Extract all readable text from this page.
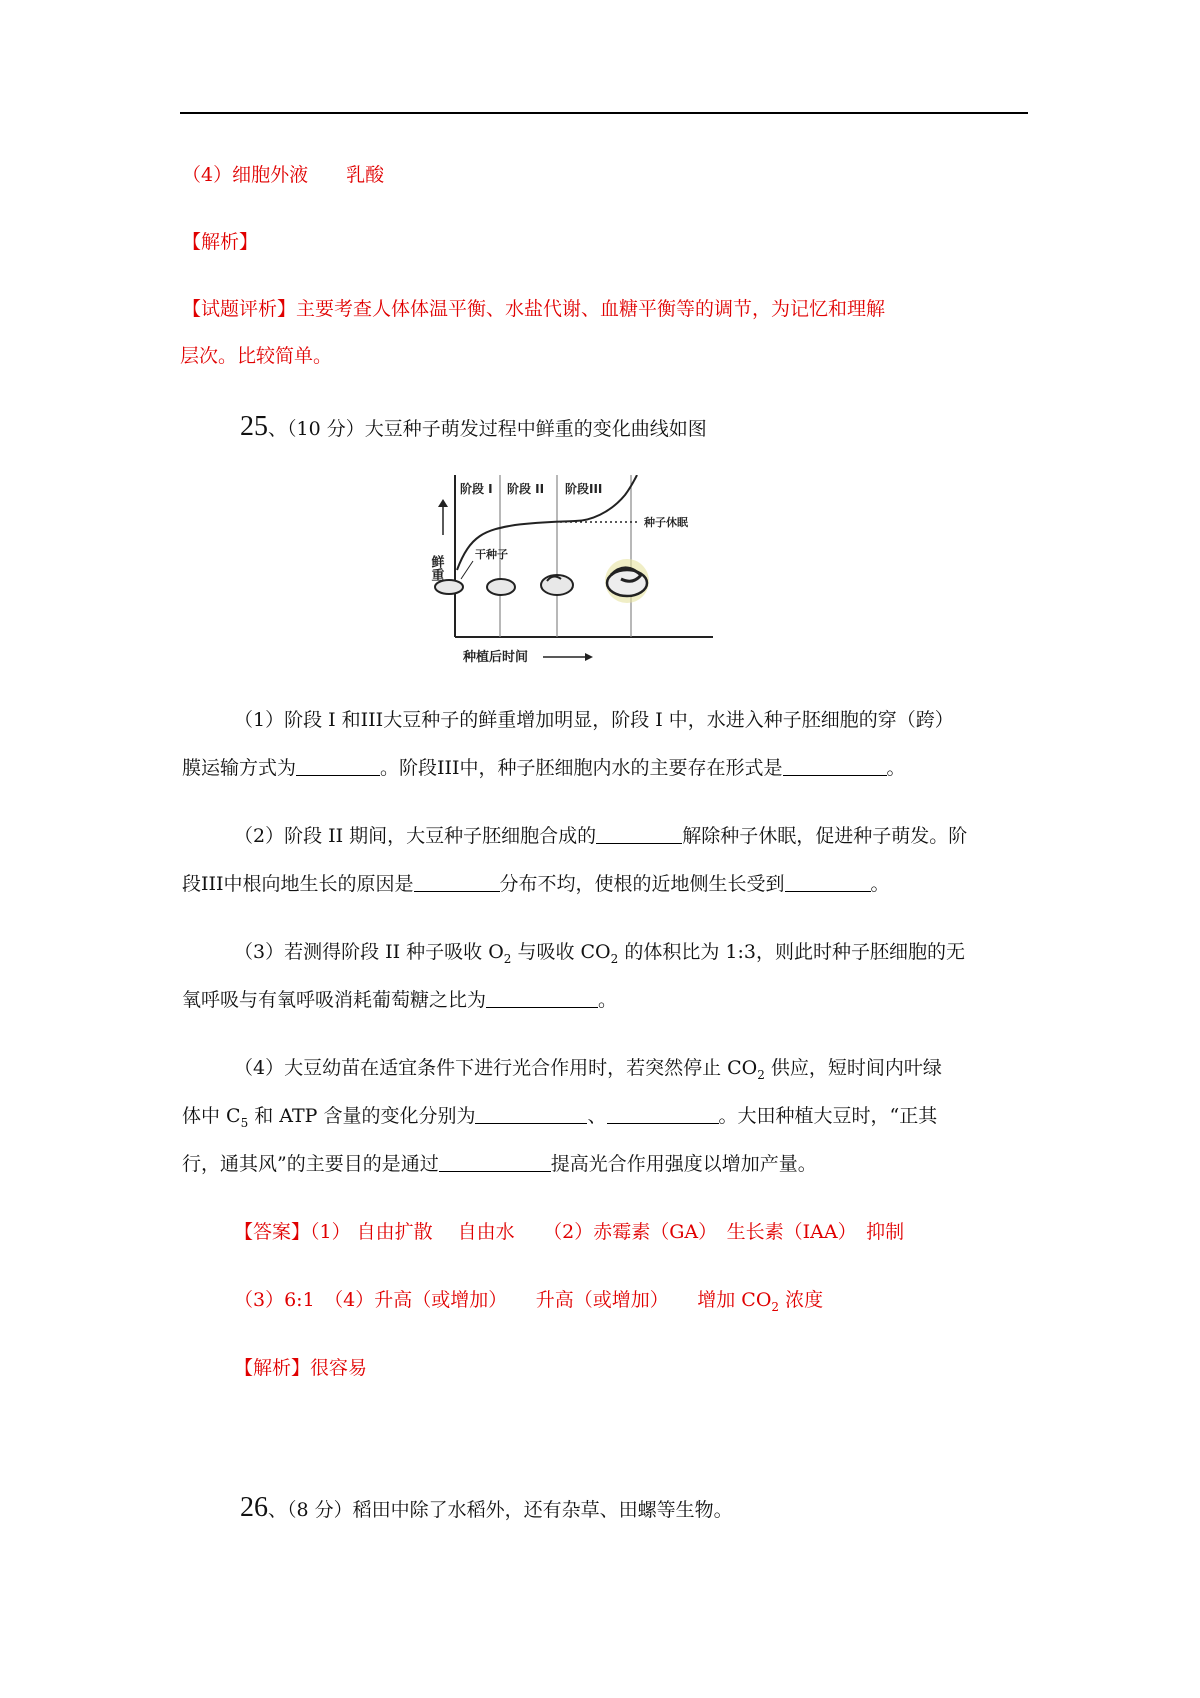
（4）细胞外液 乳酸
【解析】
【试题评析】主要考查人体体温平衡、水盐代谢、血糖平衡等的调节，为记忆和理解
层次。比较简单。
25、（10 分）大豆种子萌发过程中鲜重的变化曲线如图
阶段 I 阶段 II 阶段III
鲜重
种子休眠
干种子
种植后时间
（1）阶段 I 和III大豆种子的鲜重增加明显，阶段 I 中，水进入种子胚细胞的穿（跨）
膜运输方式为	。阶段III中，种子胚细胞内水的主要存在形式是	。
（2）阶段 II 期间，大豆种子胚细胞合成的	解除种子休眠，促进种子萌发。阶
段III中根向地生长的原因是	分布不均，使根的近地侧生长受到	。
（3）若测得阶段 II 种子吸收 $O_2$ 与吸收 $CO_2$ 的体积比为 1:3，则此时种子胚细胞的无
氧呼吸与有氧呼吸消耗葡萄糖之比为	。
（4）大豆幼苗在适宜条件下进行光合作用时，若突然停止 $CO_2$ 供应，短时间内叶绿
体中 $C_5$ 和 ATP 含量的变化分别为	、	。大田种植大豆时，“正其
行，通其风”的主要目的是通过	提高光合作用强度以增加产量。
【答案】（1） 自由扩散　 自由水　　（2）赤霉素（GA）　生长素（IAA）　抑制
（3）6:1　（4）升高（或增加）　　升高（或增加）　　增加 $CO_2$ 浓度
【解析】很容易
26、（8 分）稻田中除了水稻外，还有杂草、田螺等生物。
